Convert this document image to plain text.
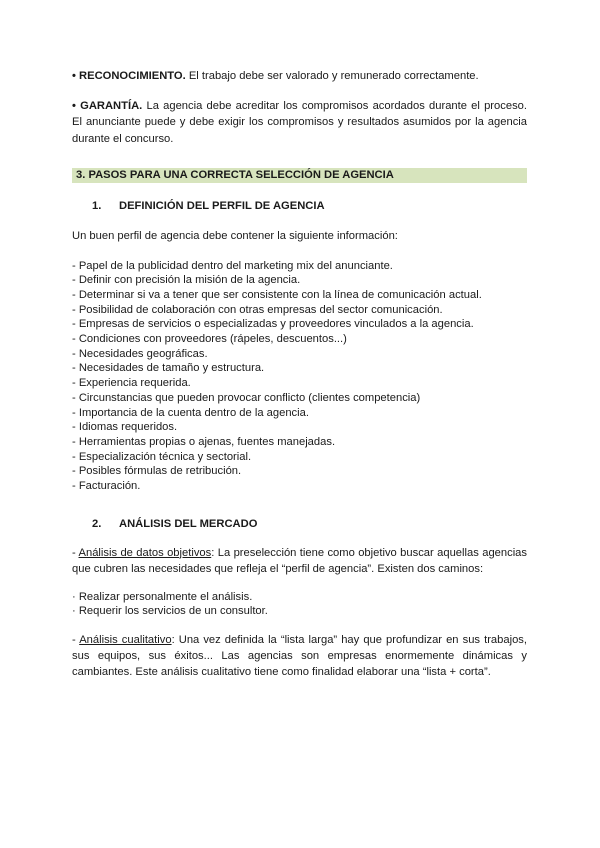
• RECONOCIMIENTO. El trabajo debe ser valorado y remunerado correctamente.

• GARANTÍA. La agencia debe acreditar los compromisos acordados durante el proceso. El anunciante puede y debe exigir los compromisos y resultados asumidos por la agencia durante el concurso.

3. PASOS PARA UNA CORRECTA SELECCIÓN DE AGENCIA
1. DEFINICIÓN DEL PERFIL DE AGENCIA

Un buen perfil de agencia debe contener la siguiente información:

- Papel de la publicidad dentro del marketing mix del anunciante.
- Definir con precisión la misión de la agencia.
- Determinar si va a tener que ser consistente con la línea de comunicación actual.
- Posibilidad de colaboración con otras empresas del sector comunicación.
- Empresas de servicios o especializadas y proveedores vinculados a la agencia.
- Condiciones con proveedores (rápeles, descuentos...)
- Necesidades geográficas.
- Necesidades de tamaño y estructura.
- Experiencia requerida.
- Circunstancias que pueden provocar conflicto (clientes competencia)
- Importancia de la cuenta dentro de la agencia.
- Idiomas requeridos.
- Herramientas propias o ajenas, fuentes manejadas.
- Especialización técnica y sectorial.
- Posibles fórmulas de retribución.
- Facturación.
2. ANÁLISIS DEL MERCADO

- Análisis de datos objetivos: La preselección tiene como objetivo buscar aquellas agencias que cubren las necesidades que refleja el “perfil de agencia”. Existen dos caminos:

· Realizar personalmente el análisis.
· Requerir los servicios de un consultor.

- Análisis cualitativo: Una vez definida la “lista larga” hay que profundizar en sus trabajos, sus equipos, sus éxitos... Las agencias son empresas enormemente dinámicas y cambiantes. Este análisis cualitativo tiene como finalidad elaborar una “lista + corta”.
